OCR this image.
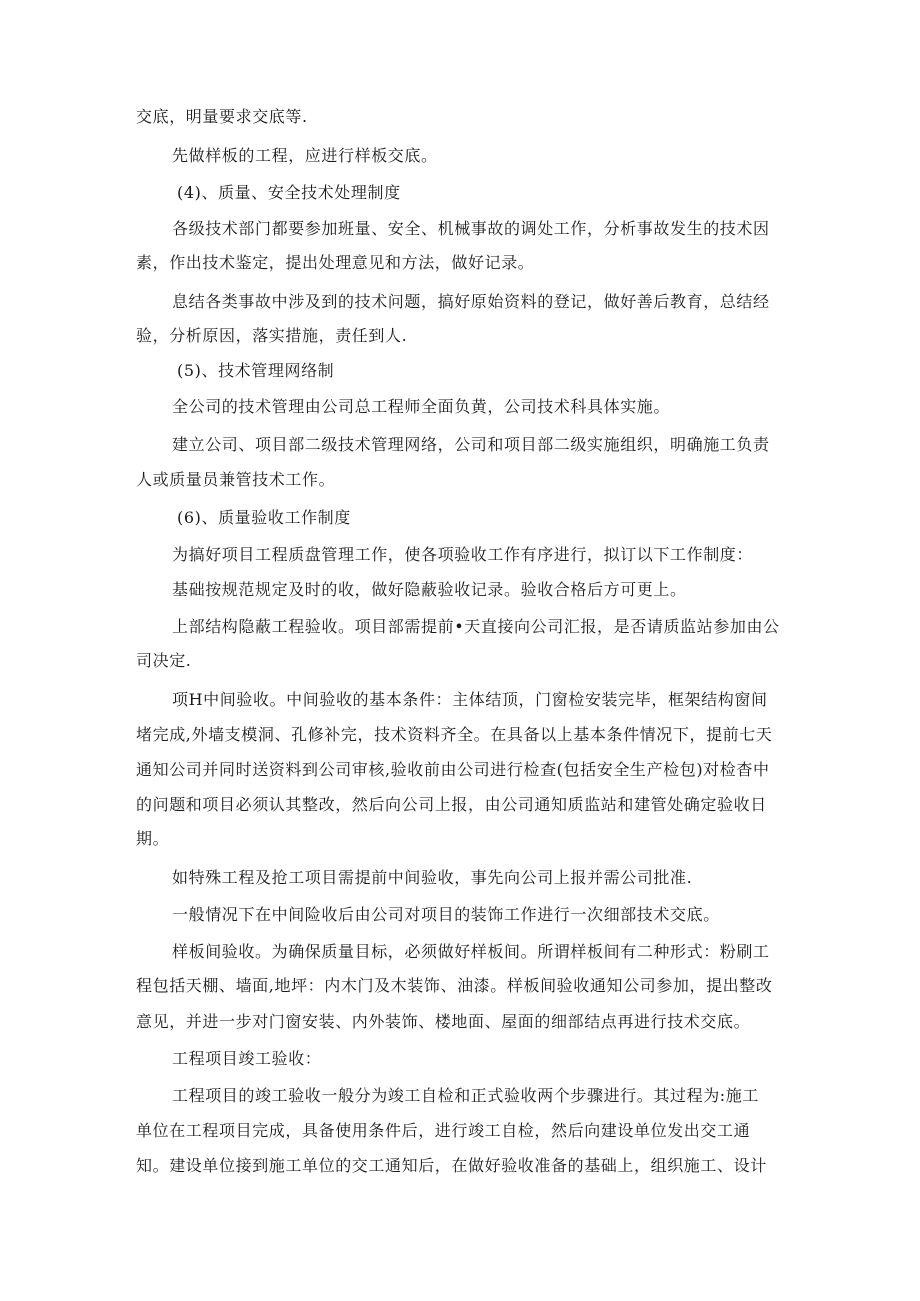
交底，明量要求交底等.
先做样板的工程，应进行样板交底。
(4)、质量、安全技术处理制度
各级技术部门都要参加班量、安全、机械事故的调处工作，分析事故发生的技术因
素，作出技术鉴定，提出处理意见和方法，做好记录。
息结各类事故中涉及到的技术问题，搞好原始资料的登记，做好善后教育，总结经
验，分析原因，落实措施，责任到人.
(5)、技术管理网络制
全公司的技术管理由公司总工程师全面负黄，公司技术科具体实施。
建立公司、项目部二级技术管理网络，公司和项目部二级实施组织，明确施工负责
人或质量员兼管技术工作。
(6)、质量验收工作制度
为搞好项目工程质盘管理工作，使各项验收工作有序进行，拟订以下工作制度：
基础按规范规定及时的收，做好隐蔽验收记录。验收合格后方可更上。
上部结构隐蔽工程验收。项目部需提前•天直接向公司汇报，是否请质监站参加由公
司决定.
项H中间验收。中间验收的基本条件：主体结顶，门窗检安装完毕，框架结构窗间
堵完成,外墙支模洞、孔修补完，技术资料齐全。在具备以上基本条件情况下，提前七天
通知公司并同时送资料到公司审核,验收前由公司进行检查(包括安全生产检包)对检杳中
的问题和项目必须认其整改，然后向公司上报，由公司通知质监站和建管处确定验收日
期。
如特殊工程及抢工项目需提前中间验收，事先向公司上报并需公司批准.
一般情况下在中间险收后由公司对项目的装饰工作进行一次细部技术交底。
样板间验收。为确保质量目标，必须做好样板间。所谓样板间有二种形式：粉刷工
程包括天棚、墙面,地坪：内木门及木装饰、油漆。样板间验收通知公司参加，提出整改
意见，并进一步对门窗安装、内外装饰、楼地面、屋面的细部结点再进行技术交底。
工程项目竣工验收：
工程项目的竣工验收一般分为竣工自检和正式验收两个步骤进行。其过程为:施工
单位在工程项目完成，具备使用条件后，进行竣工自检，然后向建设单位发出交工通
知。建设单位接到施工单位的交工通知后，在做好验收准备的基础上，组织施工、设计
